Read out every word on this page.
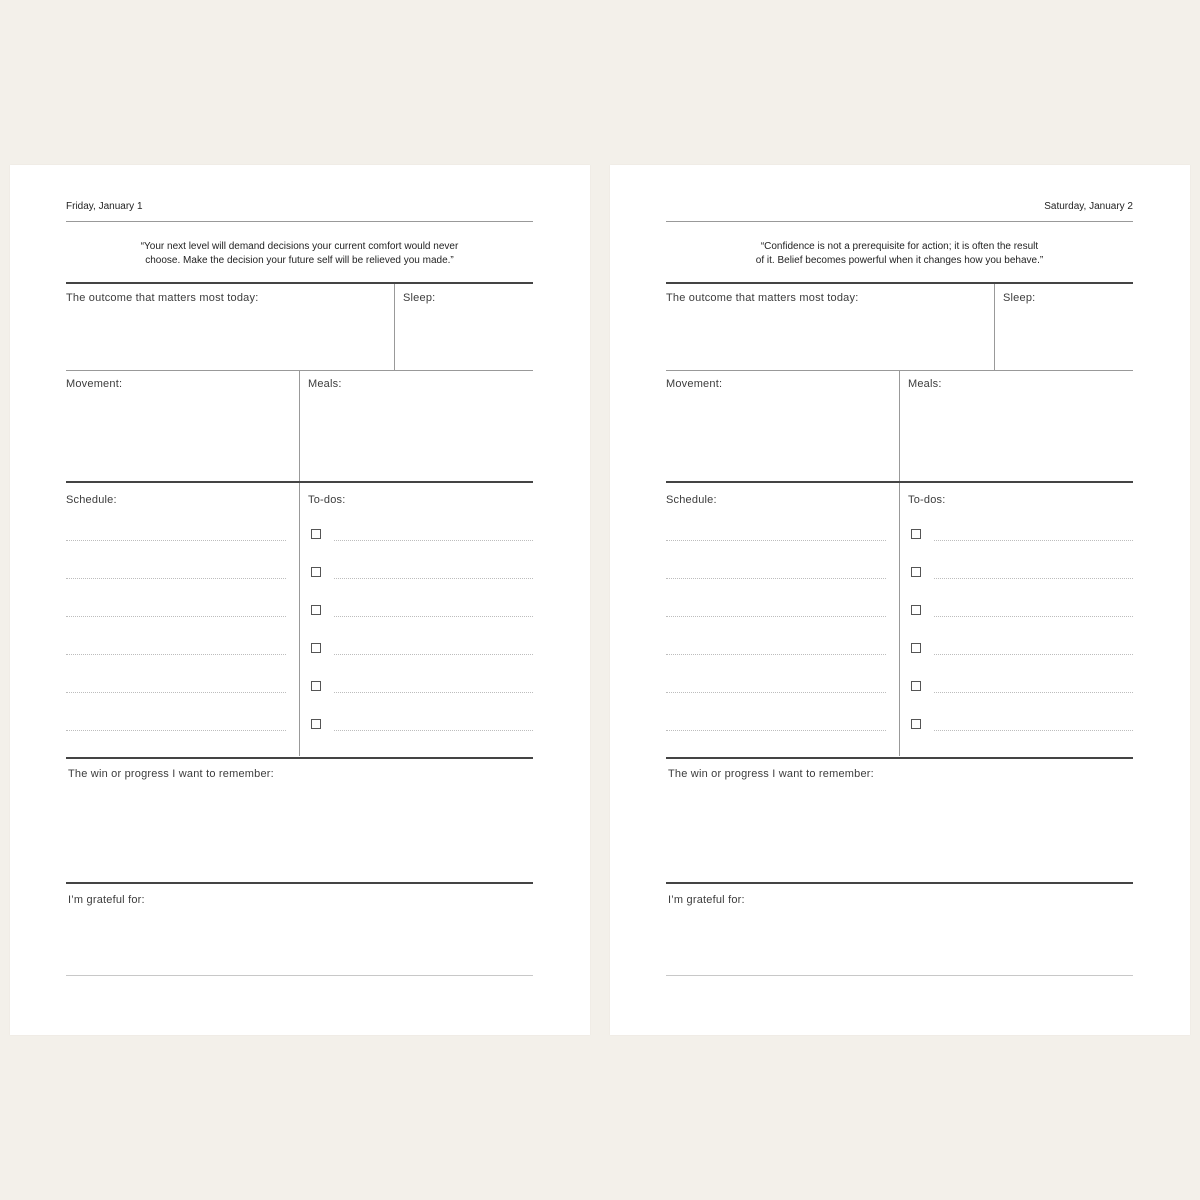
Friday, January 1
“Your next level will demand decisions your current comfort would never
choose. Make the decision your future self will be relieved you made.”
The outcome that matters most today:	Sleep:
Movement:	Meals:
Schedule:	To-dos:
The win or progress I want to remember:
I’m grateful for:
Saturday, January 2
“Confidence is not a prerequisite for action; it is often the result
of it. Belief becomes powerful when it changes how you behave.”
The outcome that matters most today:	Sleep:
Movement:	Meals:
Schedule:	To-dos:
The win or progress I want to remember:
I’m grateful for:
